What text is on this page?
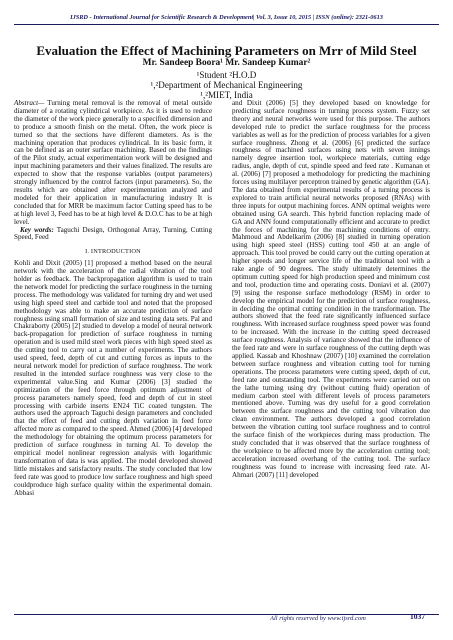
IJSRD - International Journal for Scientific Research & Development| Vol. 3, Issue 10, 2015 | ISSN (online): 2321-0613
Evaluation the Effect of Machining Parameters on Mrr of Mild Steel
Mr. Sandeep Boora¹ Mr. Sandeep Kumar²
¹Student ²H.O.D
¹,²Department of Mechanical Engineering
¹,²MIET, India

Abstract— Turning metal removal is the removal of metal outside diameter of a rotating cylindrical workpiece. As it is used to reduce the diameter of the work piece generally to a specified dimension and to produce a smooth finish on the metal. Often, the work piece is turned so that the sections have different diameters. As is the machining operation that produces cylindrical. In its basic form, it can be defined as an outer surface machining. Based on the findings of the Pilot study, actual experimentation work will be designed and input machining parameters and their values finalized. The results are expected to show that the response variables (output parameters) strongly influenced by the control factors (input parameters). So, the results which are obtained after experimentation analyzed and modeled for their application in manufacturing industry It is concluded that for MRR be maximum factor Cutting speed has to be at high level 3, Feed has to be at high level & D.O.C has to be at high level.

Key words: Taguchi Design, Orthogonal Array, Turning, Cutting Speed, Feed

I. INTRODUCTION

Kohli and Dixit (2005) [1] proposed a method based on the neural network with the acceleration of the radial vibration of the tool holder as feedback. The backpropagation algorithm is used to train the network model for predicting the surface roughness in the turning process. The methodology was validated for turning dry and wet used using high speed steel and carbide tool and noted that the proposed methodology was able to make an accurate prediction of surface roughness using small formation of size and testing data sets. Pal and Chakraborty (2005) [2] studied to develop a model of neural network back-propagation for prediction of surface roughness in turning operation and is used mild steel work pieces with high speed steel as the cutting tool to carry out a number of experiments. The authors used speed, feed, depth of cut and cutting forces as inputs to the neural network model for prediction of surface roughness. The work resulted in the intended surface roughness was very close to the experimental value.Sing and Kumar (2006) [3] studied the optimization of the feed force through optimum adjustment of process parameters namely speed, feed and depth of cut in steel processing with carbide inserts EN24 TiC coated tungsten. The authors used the approach Taguchi design parameters and concluded that the effect of feed and cutting depth variation in feed force affected more as compared to the speed. Ahmed (2006) [4] developed the methodology for obtaining the optimum process parameters for prediction of surface roughness in turning Al. To develop the empirical model nonlinear regression analysis with logarithmic transformation of data is was applied. The model developed showed little mistakes and satisfactory results. The study concluded that low feed rate was good to produce low surface roughness and high speed couldproduce high surface quality within the experimental domain. Abbasi

and Dixit (2006) [5] they developed based on knowledge for predicting surface roughness in turning process system. Fuzzy set theory and neural networks were used for this purpose. The authors developed rule to predict the surface roughness for the process variables as well as for the prediction of process variables for a given surface roughness. Zhong et al. (2006) [6] predicted the surface roughness of machined surfaces using nets with seven innings namely degree insertion tool, workpiece materials, cutting edge radius, angle, depth of cut, spindle speed and feed rate . Kumanan et al. (2006) [7] proposed a methodology for predicting the machining forces using multilayer perceptron trained by genetic algorithm (GA). The data obtained from experimental results of a turning process is explored to train artificial neural networks proposed (RNAs) with three inputs for output machining forces. ANN optimal weights were obtained using GA search. This hybrid function replacing made of GA and ANN found computationally efficient and accurate to predict the forces of machining for the machining conditions of entry. Mahmoud and Abdelkarim (2006) [8] studied in turning operation using high speed steel (HSS) cutting tool 450 at an angle of approach. This tool proved be could carry out the cutting operation at higher speeds and longer service life of the traditional tool with a rake angle of 90 degrees. The study ultimately determines the optimum cutting speed for high production speed and minimum cost and tool, production time and operating costs. Doniavi et al. (2007) [9] using the response surface methodology (RSM) in order to develop the empirical model for the prediction of surface roughness, in deciding the optimal cutting condition in the transformation. The authors showed that the feed rate significantly influenced surface roughness. With increased surface roughness speed power was found to be increased. With the increase in the cutting speed decreased surface roughness. Analysis of variance showed that the influence of the feed rate and were in surface roughness of the cutting depth was applied. Kassab and Khoshnaw (2007) [10] examined the correlation between surface roughness and vibration cutting tool for turning operations. The process parameters were cutting speed, depth of cut, feed rate and outstanding tool. The experiments were carried out on the lathe turning using dry (without cutting fluid) operation of medium carbon steel with different levels of process parameters mentioned above. Turning was dry useful for a good correlation between the surface roughness and the cutting tool vibration due clean environment. The authors developed a good correlation between the vibration cutting tool surface roughness and to control the surface finish of the workpieces during mass production. The study concluded that it was observed that the surface roughness of the workpiece to be affected more by the acceleration cutting tool; acceleration increased overhang of the cutting tool. The surface roughness was found to increase with increasing feed rate. Al-Ahmari (2007) [11] developed

All rights reserved by www.ijsrd.com	1037
